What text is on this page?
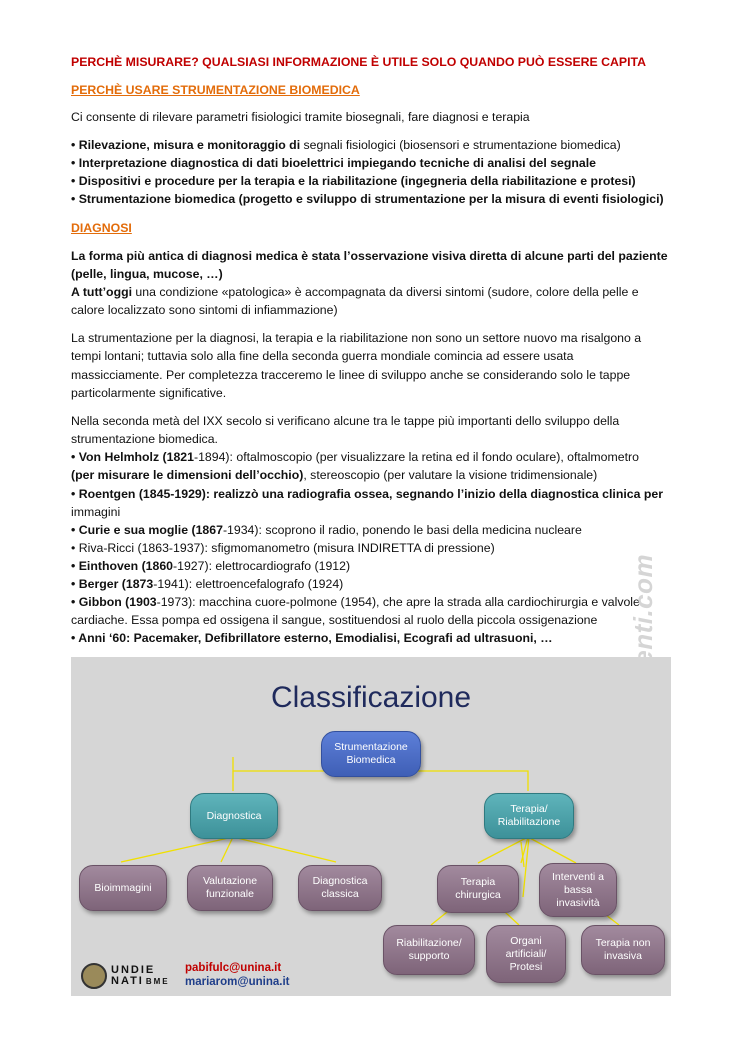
PERCHÈ MISURARE? QUALSIASI INFORMAZIONE È UTILE SOLO QUANDO PUÒ ESSERE CAPITA
PERCHÈ USARE STRUMENTAZIONE BIOMEDICA
Ci consente di rilevare parametri fisiologici tramite biosegnali, fare diagnosi e terapia
• Rilevazione, misura e monitoraggio di segnali fisiologici (biosensori e strumentazione biomedica)
• Interpretazione diagnostica di dati bioelettrici impiegando tecniche di analisi del segnale
• Dispositivi e procedure per la terapia e la riabilitazione (ingegneria della riabilitazione e protesi)
• Strumentazione biomedica (progetto e sviluppo di strumentazione per la misura di eventi fisiologici)
DIAGNOSI
La forma più antica di diagnosi medica è stata l’osservazione visiva diretta di alcune parti del paziente
(pelle, lingua, mucose, …)
A tutt’oggi una condizione «patologica» è accompagnata da diversi sintomi (sudore, colore della pelle e
calore localizzato sono sintomi di infiammazione)
La strumentazione per la diagnosi, la terapia e la riabilitazione non sono un settore nuovo ma risalgono a
tempi lontani; tuttavia solo alla fine della seconda guerra mondiale comincia ad essere usata
massicciamente. Per completezza tracceremo le linee di sviluppo anche se considerando solo le tappe
particolarmente significative.
Nella seconda metà del IXX secolo si verificano alcune tra le tappe più importanti dello sviluppo della
strumentazione biomedica.
• Von Helmholz (1821-1894): oftalmoscopio (per visualizzare la retina ed il fondo oculare), oftalmometro
(per misurare le dimensioni dell’occhio), stereoscopio (per valutare la visione tridimensionale)
• Roentgen (1845-1929): realizzò una radiografia ossea, segnando l’inizio della diagnostica clinica per
immagini
• Curie e sua moglie (1867-1934): scoprono il radio, ponendo le basi della medicina nucleare
• Riva-Ricci (1863-1937): sfigmomanometro (misura INDIRETTA di pressione)
• Einthoven (1860-1927): elettrocardiografo (1912)
• Berger (1873-1941): elettroencefalografo (1924)
• Gibbon (1903-1973): macchina cuore-polmone (1954), che apre la strada alla cardiochirurgia e valvole
cardiache. Essa pompa ed ossigena il sangue, sostituendosi al ruolo della piccola ossigenazione
• Anni ‘60: Pacemaker, Defibrillatore esterno, Emodialisi, Ecografi ad ultrasuoni, …
Classificazione
Strumentazione
Biomedica
Diagnostica
Terapia/
Riabilitazione
Bioimmagini
Valutazione
funzionale
Diagnostica
classica
Terapia
chirurgica
Interventi a
bassa
invasività
Riabilitazione/
supporto
Organi
artificiali/
Protesi
Terapia non
invasiva
UNDIE
NATI BME
pabifulc@unina.it
mariarom@unina.it
